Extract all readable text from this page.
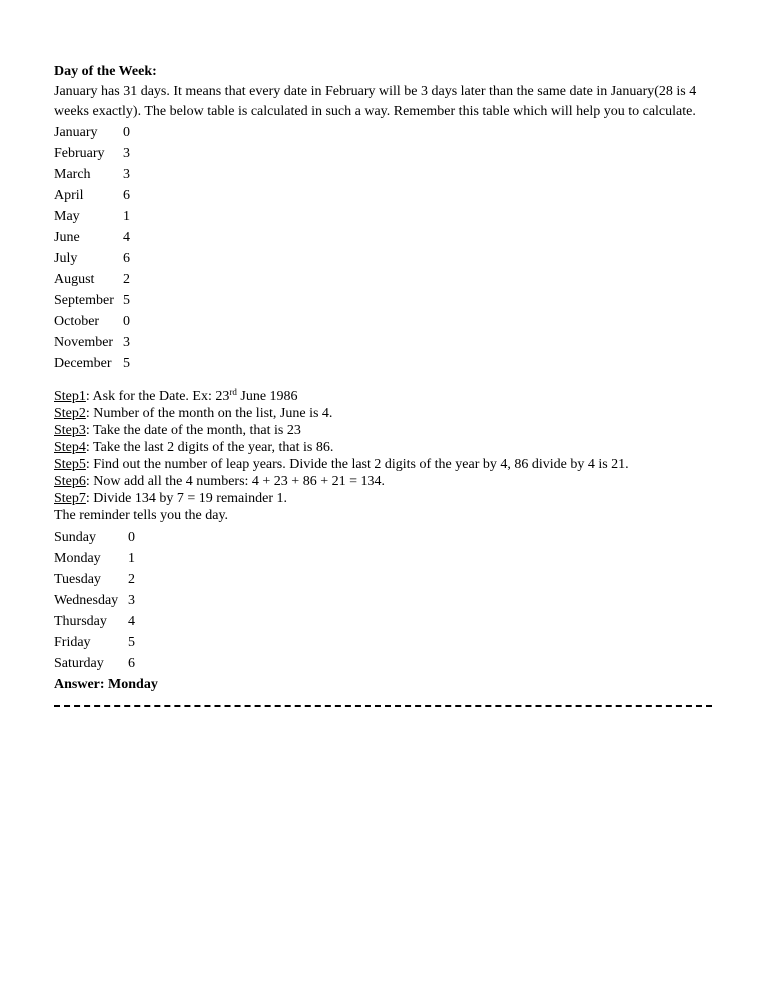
Day of the Week:

January has 31 days. It means that every date in February will be 3 days later than the same date in January(28 is 4 weeks exactly). The below table is calculated in such a way. Remember this table which will help you to calculate.

January	0
February	3
March	3
April	6
May	1
June	4
July	6
August	2
September 5
October	0
November 3
December 5
Step1: Ask for the Date. Ex: 23rd June 1986
Step2: Number of the month on the list, June is 4.
Step3: Take the date of the month, that is 23
Step4: Take the last 2 digits of the year, that is 86.
Step5: Find out the number of leap years. Divide the last 2 digits of the year by 4, 86 divide by 4 is 21.
Step6: Now add all the 4 numbers: 4 + 23 + 86 + 21 = 134.
Step7: Divide 134 by 7 = 19 remainder 1.
The reminder tells you the day.
Sunday	0
Monday	1
Tuesday	2
Wednesday 3
Thursday	4
Friday	5
Saturday	6
Answer: Monday
